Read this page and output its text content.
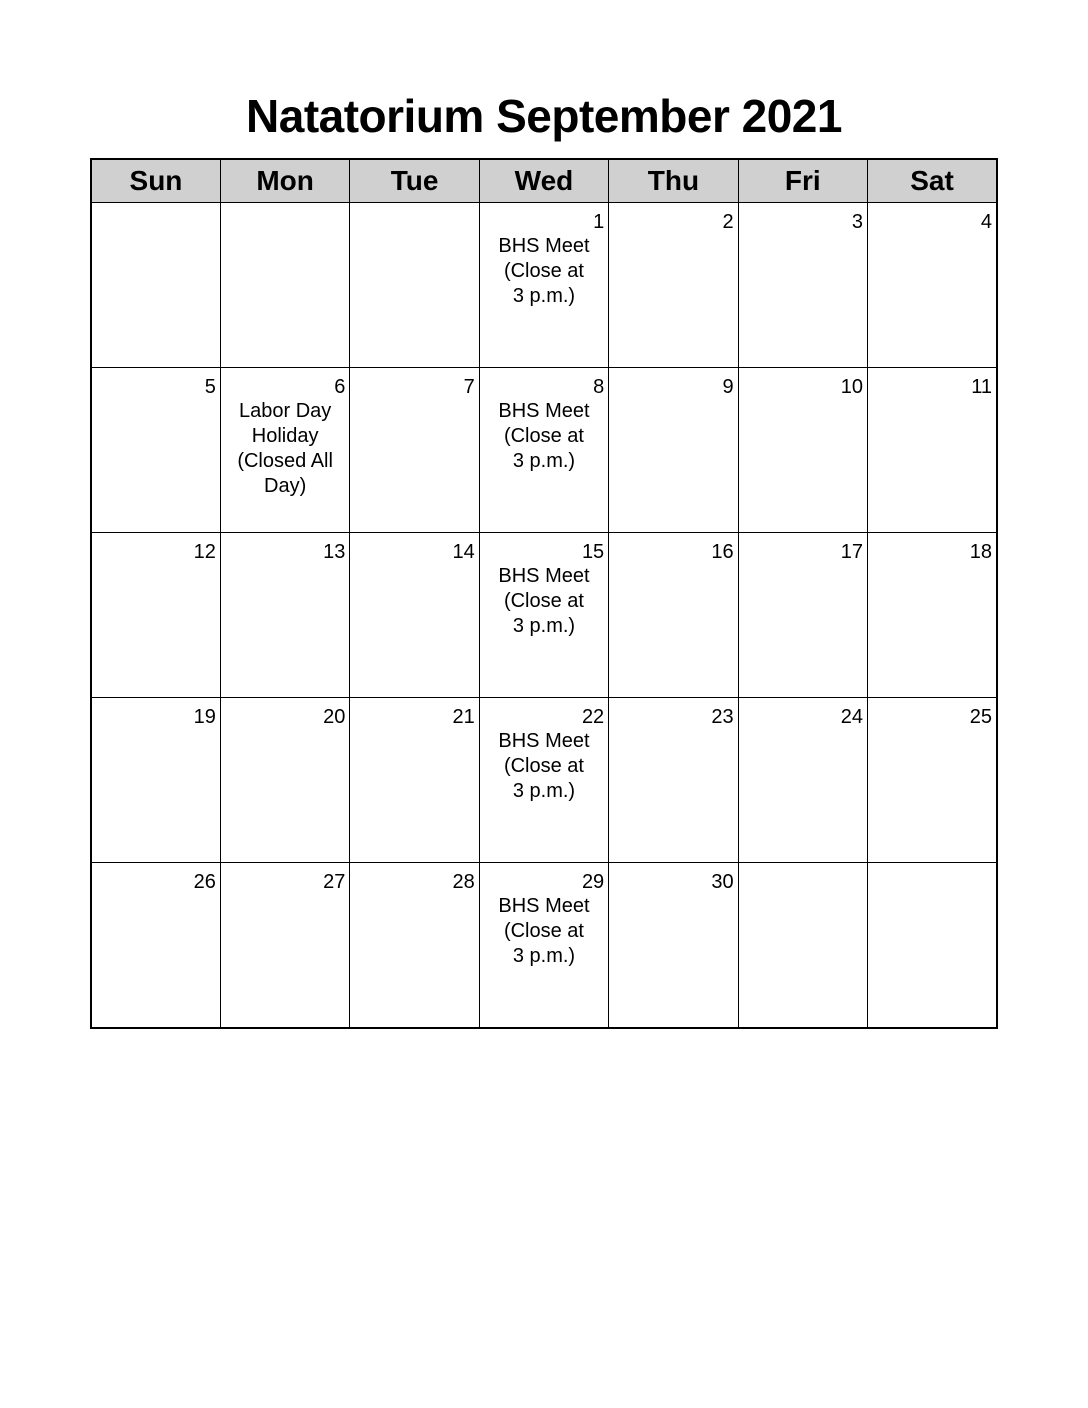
Natatorium September 2021
Sun	Mon	Tue	Wed	Thu	Fri	Sat

			1
BHS Meet
(Close at
3 p.m.)	2	3	4

5	6
Labor Day
Holiday
(Closed All
Day)	7	8
BHS Meet
(Close at
3 p.m.)	9	10	11

12	13	14	15
BHS Meet
(Close at
3 p.m.)	16	17	18

19	20	21	22
BHS Meet
(Close at
3 p.m.)	23	24	25

26	27	28	29
BHS Meet
(Close at
3 p.m.)	30		
